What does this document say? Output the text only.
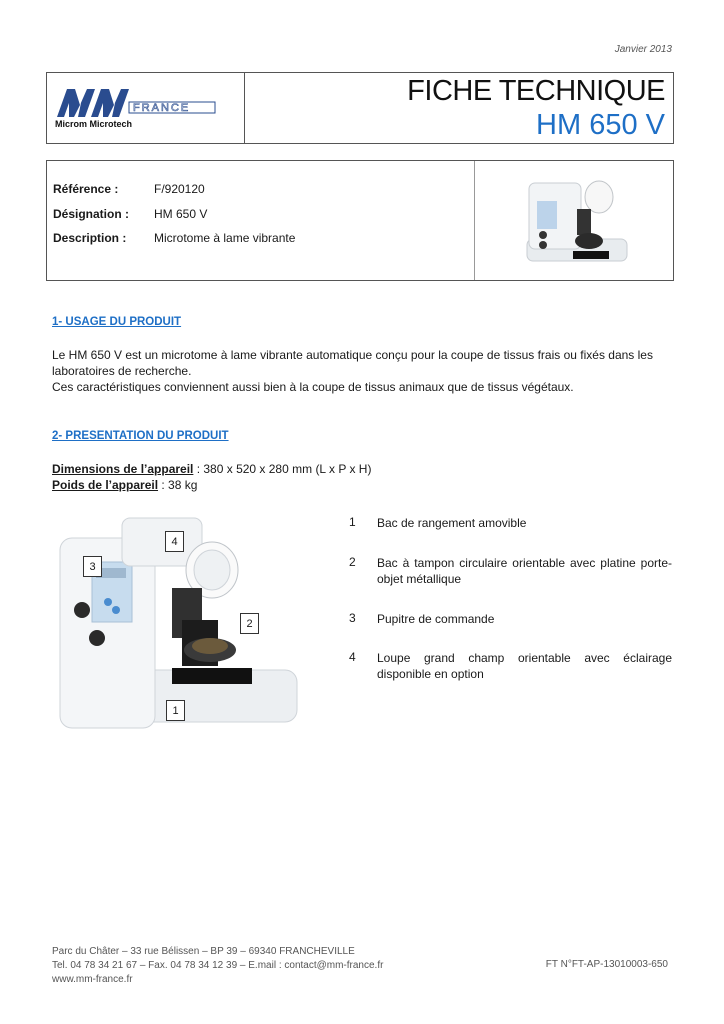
Janvier 2013
FRANCE
Microm Microtech
FICHE TECHNIQUE
HM 650 V
Référence :	F/920120
Désignation : HM 650 V
Description : Microtome à lame vibrante
1- USAGE DU PRODUIT
Le HM 650 V est un microtome à lame vibrante automatique conçu pour la coupe de tissus frais ou fixés dans les
laboratoires de recherche.
Ces caractéristiques conviennent aussi bien à la coupe de tissus animaux que de tissus végétaux.
2- PRESENTATION DU PRODUIT
Dimensions de l’appareil : 380 x 520 x 280 mm (L x P x H)
Poids de l’appareil : 38 kg
4
3
2
1
1 Bac de rangement amovible
2 Bac à tampon circulaire orientable avec platine porte-objet métallique
3 Pupitre de commande
4 Loupe grand champ orientable avec éclairage disponible en option
Parc du Châter – 33 rue Bélissen – BP 39 – 69340 FRANCHEVILLE
Tel. 04 78 34 21 67 – Fax. 04 78 34 12 39 – E.mail : contact@mm-france.fr
www.mm-france.fr
FT N°FT-AP-13010003-650
